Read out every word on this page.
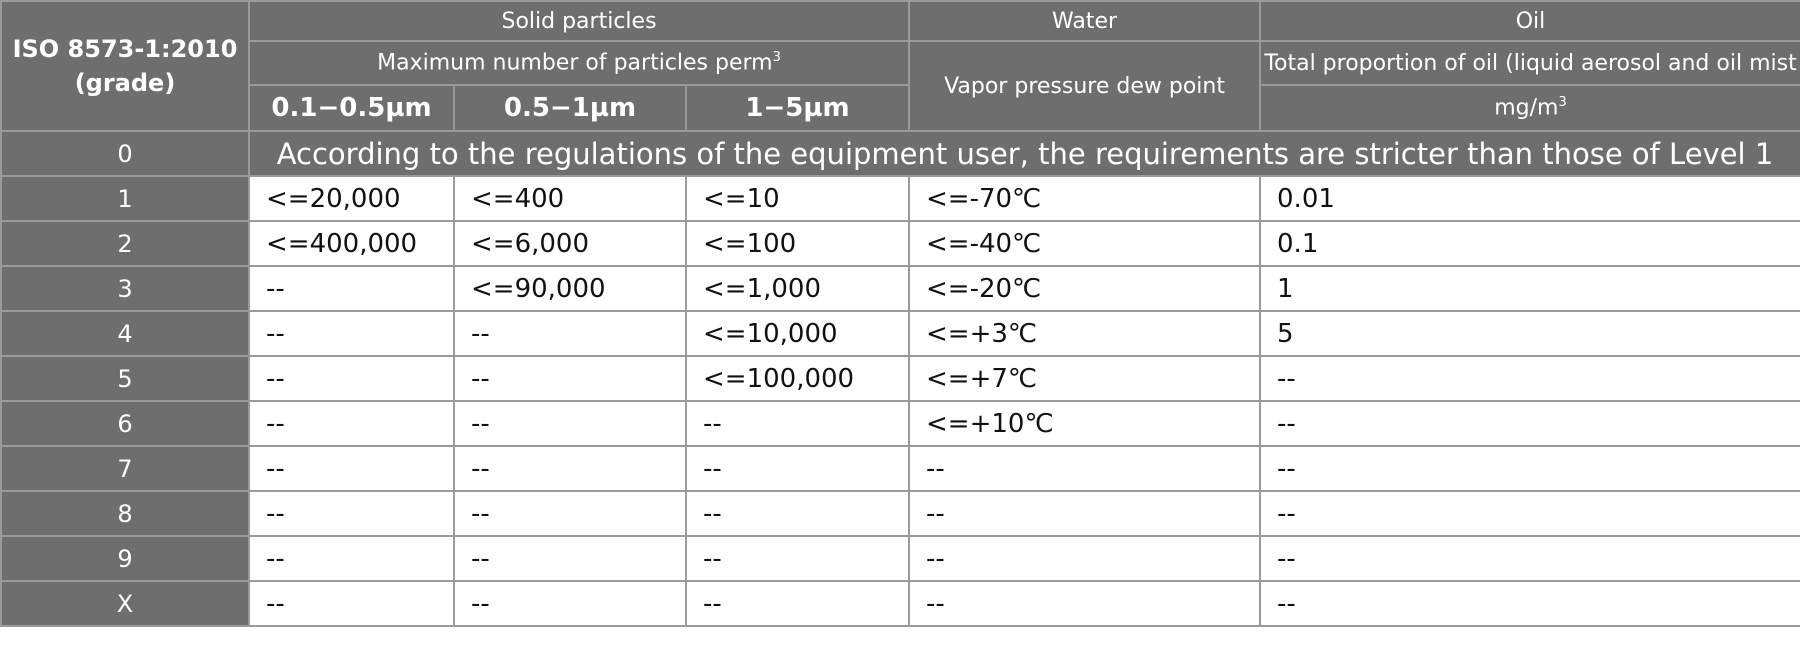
ISO 8573-1:2010
(grade)	Solid particles			Water	Oil
	Maximum number of particles perm$^3$			Vapor pressure dew point	Total proportion of oil (liquid aerosol and oil mist
	0.1−0.5µm	0.5−1µm	1−5µm		$mg/m^3$
0	According to the regulations of the equipment user, the requirements are stricter than those of Level 1				
1	<=20,000	<=400	<=10	<=-70℃	0.01
2	<=400,000	<=6,000	<=100	<=-40℃	0.1
3	--	<=90,000	<=1,000	<=-20℃	1
4	--	--	<=10,000	<=+3℃	5
5	--	--	<=100,000	<=+7℃	--
6	--	--	--	<=+10℃	--
7	--	--	--	--	--
8	--	--	--	--	--
9	--	--	--	--	--
X	--	--	--	--	--
